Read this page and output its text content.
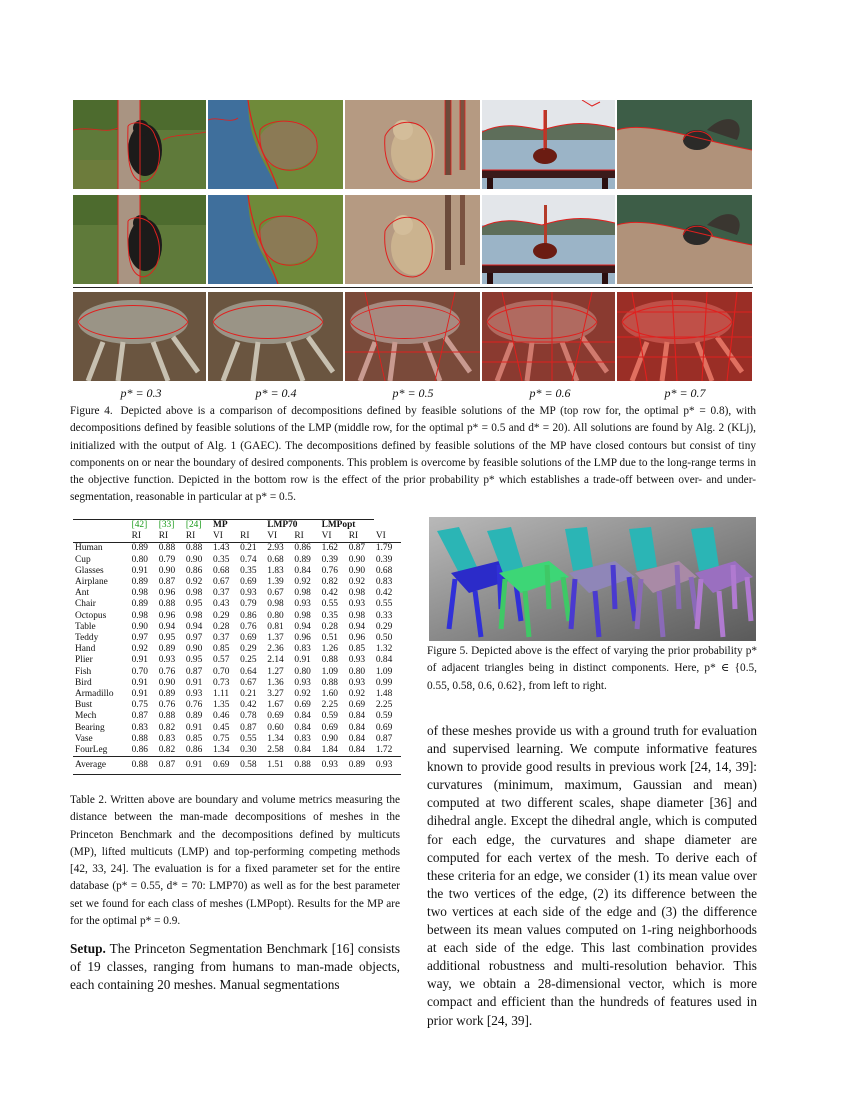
p* = 0.3	p* = 0.4	p* = 0.5	p* = 0.6	p* = 0.7
Figure 4. Depicted above is a comparison of decompositions defined by feasible solutions of the MP (top row for, the optimal p* = 0.8), with decompositions defined by feasible solutions of the LMP (middle row, for the optimal p* = 0.5 and d* = 20). All solutions are found by Alg. 2 (KLj), initialized with the output of Alg. 1 (GAEC). The decompositions defined by feasible solutions of the MP have closed contours but consist of tiny components on or near the boundary of desired components. This problem is overcome by feasible solutions of the LMP due to the long-range terms in the objective function. Depicted in the bottom row is the effect of the prior probability p* which establishes a trade-off between over- and under-segmentation, reasonable in particular at p* = 0.5.
	[42]	[33]	[24]	MP		LMP70		LMPopt		
	RI	RI	RI	VI	RI	VI	RI	VI	RI	VI
Human	0.89	0.88	0.88	1.43	0.21	2.93	0.86	1.62	0.87	1.79
Cup	0.80	0.79	0.90	0.35	0.74	0.68	0.89	0.39	0.90	0.39
Glasses	0.91	0.90	0.86	0.68	0.35	1.83	0.84	0.76	0.90	0.68
Airplane	0.89	0.87	0.92	0.67	0.69	1.39	0.92	0.82	0.92	0.83
Ant	0.98	0.96	0.98	0.37	0.93	0.67	0.98	0.42	0.98	0.42
Chair	0.89	0.88	0.95	0.43	0.79	0.98	0.93	0.55	0.93	0.55
Octopus	0.98	0.96	0.98	0.29	0.86	0.80	0.98	0.35	0.98	0.33
Table	0.90	0.94	0.94	0.28	0.76	0.81	0.94	0.28	0.94	0.29
Teddy	0.97	0.95	0.97	0.37	0.69	1.37	0.96	0.51	0.96	0.50
Hand	0.92	0.89	0.90	0.85	0.29	2.36	0.83	1.26	0.85	1.32
Plier	0.91	0.93	0.95	0.57	0.25	2.14	0.91	0.88	0.93	0.84
Fish	0.70	0.76	0.87	0.70	0.64	1.27	0.80	1.09	0.80	1.09
Bird	0.91	0.90	0.91	0.73	0.67	1.36	0.93	0.88	0.93	0.99
Armadillo	0.91	0.89	0.93	1.11	0.21	3.27	0.92	1.60	0.92	1.48
Bust	0.75	0.76	0.76	1.35	0.42	1.67	0.69	2.25	0.69	2.25
Mech	0.87	0.88	0.89	0.46	0.78	0.69	0.84	0.59	0.84	0.59
Bearing	0.83	0.82	0.91	0.45	0.87	0.60	0.84	0.69	0.84	0.69
Vase	0.88	0.83	0.85	0.75	0.55	1.34	0.83	0.90	0.84	0.87
FourLeg	0.86	0.82	0.86	1.34	0.30	2.58	0.84	1.84	0.84	1.72
Average	0.88	0.87	0.91	0.69	0.58	1.51	0.88	0.93	0.89	0.93
Table 2. Written above are boundary and volume metrics measuring the distance between the man-made decompositions of meshes in the Princeton Benchmark and the decompositions defined by multicuts (MP), lifted multicuts (LMP) and top-performing competing methods [42, 33, 24]. The evaluation is for a fixed parameter set for the entire database (p* = 0.55, d* = 70: LMP70) as well as for the best parameter set we found for each class of meshes (LMPopt). Results for the MP are for the optimal p* = 0.9.
Setup. The Princeton Segmentation Benchmark [16] consists of 19 classes, ranging from humans to man-made objects, each containing 20 meshes. Manual segmentations
Figure 5. Depicted above is the effect of varying the prior probability p* of adjacent triangles being in distinct components. Here, p* ∈ {0.5, 0.55, 0.58, 0.6, 0.62}, from left to right.
of these meshes provide us with a ground truth for evaluation and supervised learning. We compute informative features known to provide good results in previous work [24, 14, 39]: curvatures (minimum, maximum, Gaussian and mean) computed at two different scales, shape diameter [36] and dihedral angle. Except the dihedral angle, which is computed for each edge, the curvatures and shape diameter are computed for each vertex of the mesh. To derive each of these criteria for an edge, we consider (1) its mean value over the two vertices of the edge, (2) its difference between the two vertices at each side of the edge and (3) the difference between its mean values computed on 1-ring neighborhoods at each side of the edge. This last combination provides additional robustness and multi-resolution behavior. This way, we obtain a 28-dimensional vector, which is more compact and efficient than the hundreds of features used in prior work [24, 39].
